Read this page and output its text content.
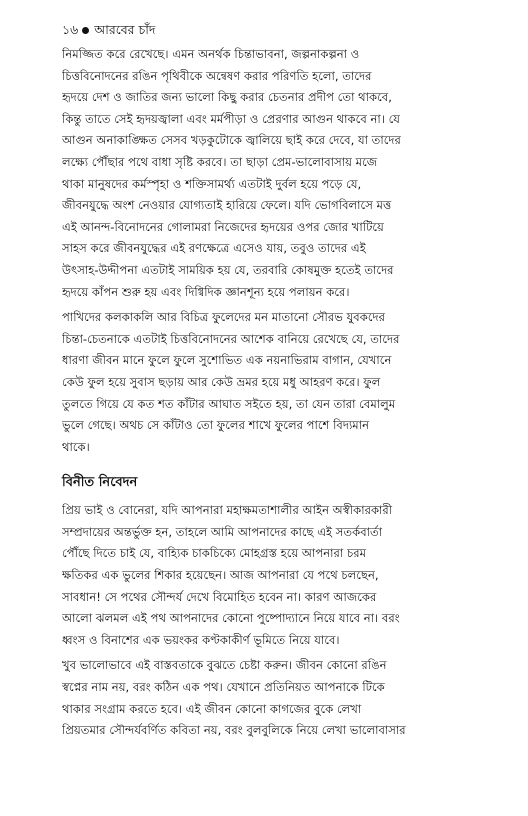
১৬ আরবের চাঁদ
নিমজ্জিত করে রেখেছে। এমন অনর্থক চিন্তাভাবনা, জল্পনাকল্পনা ও
চিত্তবিনোদনের রঙিন পৃথিবীকে অন্বেষণ করার পরিণতি হলো, তাদের
হৃদয়ে দেশ ও জাতির জন্য ভালো কিছু করার চেতনার প্রদীপ তো থাকবে,
কিন্তু তাতে সেই হৃদয়জ্বালা এবং মর্মপীড়া ও প্রেরণার আগুন থাকবে না। যে
আগুন অনাকাঙ্ক্ষিত সেসব খড়কুটোকে জ্বালিয়ে ছাই করে দেবে, যা তাদের
লক্ষ্যে পৌঁছার পথে বাধা সৃষ্টি করবে। তা ছাড়া প্রেম-ভালোবাসায় মজে
থাকা মানুষদের কর্মস্পৃহা ও শক্তিসামর্থ্য এতটাই দুর্বল হয়ে পড়ে যে,
জীবনযুদ্ধে অংশ নেওয়ার যোগ্যতাই হারিয়ে ফেলে। যদি ভোগবিলাসে মত্ত
এই আনন্দ-বিনোদনের গোলামরা নিজেদের হৃদয়ের ওপর জোর খাটিয়ে
সাহস করে জীবনযুদ্ধের এই রণক্ষেত্রে এসেও যায়, তবুও তাদের এই
উৎসাহ-উদ্দীপনা এতটাই সাময়িক হয় যে, তরবারি কোষমুক্ত হতেই তাদের
হৃদয়ে কাঁপন শুরু হয় এবং দিগ্বিদিক জ্ঞানশূন্য হয়ে পলায়ন করে।
পাখিদের কলকাকলি আর বিচিত্র ফুলেদের মন মাতানো সৌরভ যুবকদের
চিন্তা-চেতনাকে এতটাই চিত্তবিনোদনের আশেক বানিয়ে রেখেছে যে, তাদের
ধারণা জীবন মানে ফুলে ফুলে সুশোভিত এক নয়নাভিরাম বাগান, যেখানে
কেউ ফুল হয়ে সুবাস ছড়ায় আর কেউ ভ্রমর হয়ে মধু আহরণ করে। ফুল
তুলতে গিয়ে যে কত শত কাঁটার আঘাত সইতে হয়, তা যেন তারা বেমালুম
ভুলে গেছে। অথচ সে কাঁটাও তো ফুলের শাখে ফুলের পাশে বিদ্যমান
থাকে।
বিনীত নিবেদন
প্রিয় ভাই ও বোনেরা, যদি আপনারা মহাক্ষমতাশালীর আইন অস্বীকারকারী
সম্প্রদায়ের অন্তর্ভুক্ত হন, তাহলে আমি আপনাদের কাছে এই সতর্কবার্তা
পৌঁছে দিতে চাই যে, বাহ্যিক চাকচিক্যে মোহগ্রস্ত হয়ে আপনারা চরম
ক্ষতিকর এক ভুলের শিকার হয়েছেন। আজ আপনারা যে পথে চলছেন,
সাবধান! সে পথের সৌন্দর্য দেখে বিমোহিত হবেন না। কারণ আজকের
আলো ঝলমল এই পথ আপনাদের কোনো পুষ্পোদ্যানে নিয়ে যাবে না। বরং
ধ্বংস ও বিনাশের এক ভয়ংকর কণ্টকাকীর্ণ ভূমিতে নিয়ে যাবে।
খুব ভালোভাবে এই বাস্তবতাকে বুঝতে চেষ্টা করুন। জীবন কোনো রঙিন
স্বপ্নের নাম নয়, বরং কঠিন এক পথ। যেখানে প্রতিনিয়ত আপনাকে টিকে
থাকার সংগ্রাম করতে হবে। এই জীবন কোনো কাগজের বুকে লেখা
প্রিয়তমার সৌন্দর্যবর্ণিত কবিতা নয়, বরং বুলবুলিকে নিয়ে লেখা ভালোবাসার
